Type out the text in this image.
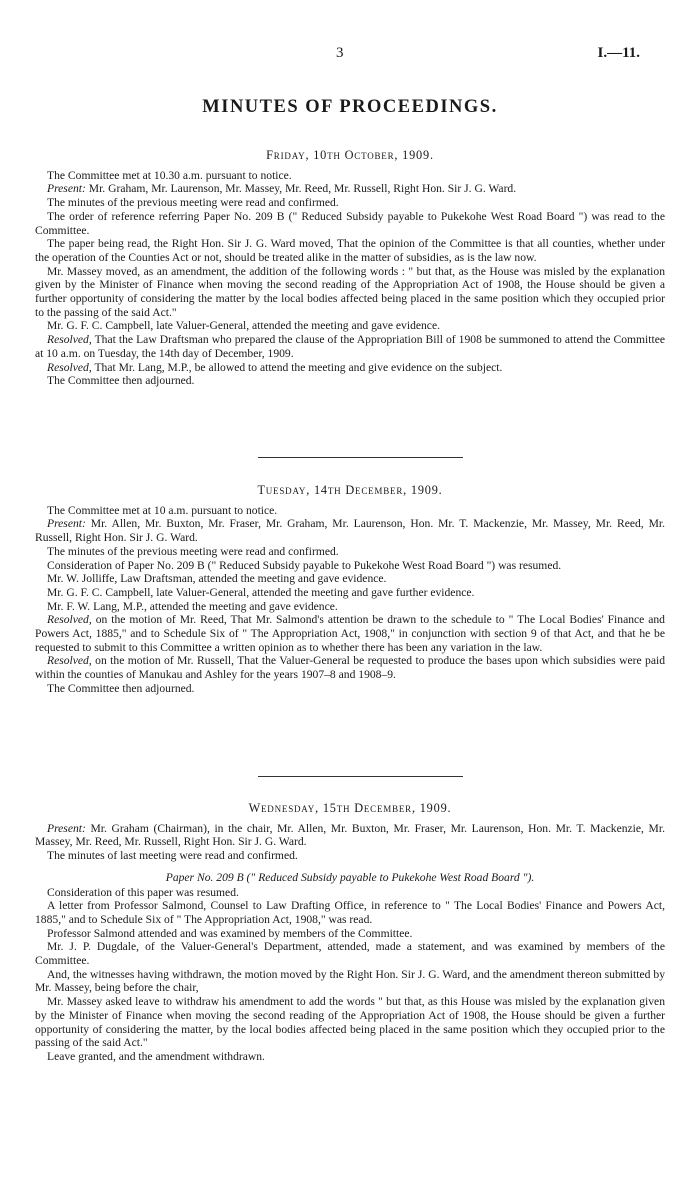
3	I.—11.
MINUTES OF PROCEEDINGS.
Friday, 10th October, 1909.

The Committee met at 10.30 a.m. pursuant to notice.

Present: Mr. Graham, Mr. Laurenson, Mr. Massey, Mr. Reed, Mr. Russell, Right Hon. Sir J. G. Ward.

The minutes of the previous meeting were read and confirmed.

The order of reference referring Paper No. 209 B (" Reduced Subsidy payable to Pukekohe West Road Board ") was read to the Committee.

The paper being read, the Right Hon. Sir J. G. Ward moved, That the opinion of the Committee is that all counties, whether under the operation of the Counties Act or not, should be treated alike in the matter of subsidies, as is the law now.

Mr. Massey moved, as an amendment, the addition of the following words : " but that, as the House was misled by the explanation given by the Minister of Finance when moving the second reading of the Appropriation Act of 1908, the House should be given a further opportunity of considering the matter by the local bodies affected being placed in the same position which they occupied prior to the passing of the said Act."

Mr. G. F. C. Campbell, late Valuer-General, attended the meeting and gave evidence.

Resolved, That the Law Draftsman who prepared the clause of the Appropriation Bill of 1908 be summoned to attend the Committee at 10 a.m. on Tuesday, the 14th day of December, 1909.

Resolved, That Mr. Lang, M.P., be allowed to attend the meeting and give evidence on the subject.

The Committee then adjourned.

Tuesday, 14th December, 1909.

The Committee met at 10 a.m. pursuant to notice.

Present: Mr. Allen, Mr. Buxton, Mr. Fraser, Mr. Graham, Mr. Laurenson, Hon. Mr. T. Mackenzie, Mr. Massey, Mr. Reed, Mr. Russell, Right Hon. Sir J. G. Ward.

The minutes of the previous meeting were read and confirmed.

Consideration of Paper No. 209 B (" Reduced Subsidy payable to Pukekohe West Road Board ") was resumed.

Mr. W. Jolliffe, Law Draftsman, attended the meeting and gave evidence.

Mr. G. F. C. Campbell, late Valuer-General, attended the meeting and gave further evidence.

Mr. F. W. Lang, M.P., attended the meeting and gave evidence.

Resolved, on the motion of Mr. Reed, That Mr. Salmond's attention be drawn to the schedule to " The Local Bodies' Finance and Powers Act, 1885," and to Schedule Six of " The Appropriation Act, 1908," in conjunction with section 9 of that Act, and that he be requested to submit to this Committee a written opinion as to whether there has been any variation in the law.

Resolved, on the motion of Mr. Russell, That the Valuer-General be requested to produce the bases upon which subsidies were paid within the counties of Manukau and Ashley for the years 1907–8 and 1908–9.

The Committee then adjourned.

Wednesday, 15th December, 1909.

Present: Mr. Graham (Chairman), in the chair, Mr. Allen, Mr. Buxton, Mr. Fraser, Mr. Laurenson, Hon. Mr. T. Mackenzie, Mr. Massey, Mr. Reed, Mr. Russell, Right Hon. Sir J. G. Ward.

The minutes of last meeting were read and confirmed.

Paper No. 209 B (" Reduced Subsidy payable to Pukekohe West Road Board ").

Consideration of this paper was resumed.

A letter from Professor Salmond, Counsel to Law Drafting Office, in reference to " The Local Bodies' Finance and Powers Act, 1885," and to Schedule Six of " The Appropriation Act, 1908," was read.

Professor Salmond attended and was examined by members of the Committee.

Mr. J. P. Dugdale, of the Valuer-General's Department, attended, made a statement, and was examined by members of the Committee.

And, the witnesses having withdrawn, the motion moved by the Right Hon. Sir J. G. Ward, and the amendment thereon submitted by Mr. Massey, being before the chair,

Mr. Massey asked leave to withdraw his amendment to add the words " but that, as this House was misled by the explanation given by the Minister of Finance when moving the second reading of the Appropriation Act of 1908, the House should be given a further opportunity of considering the matter, by the local bodies affected being placed in the same position which they occupied prior to the passing of the said Act."

Leave granted, and the amendment withdrawn.
